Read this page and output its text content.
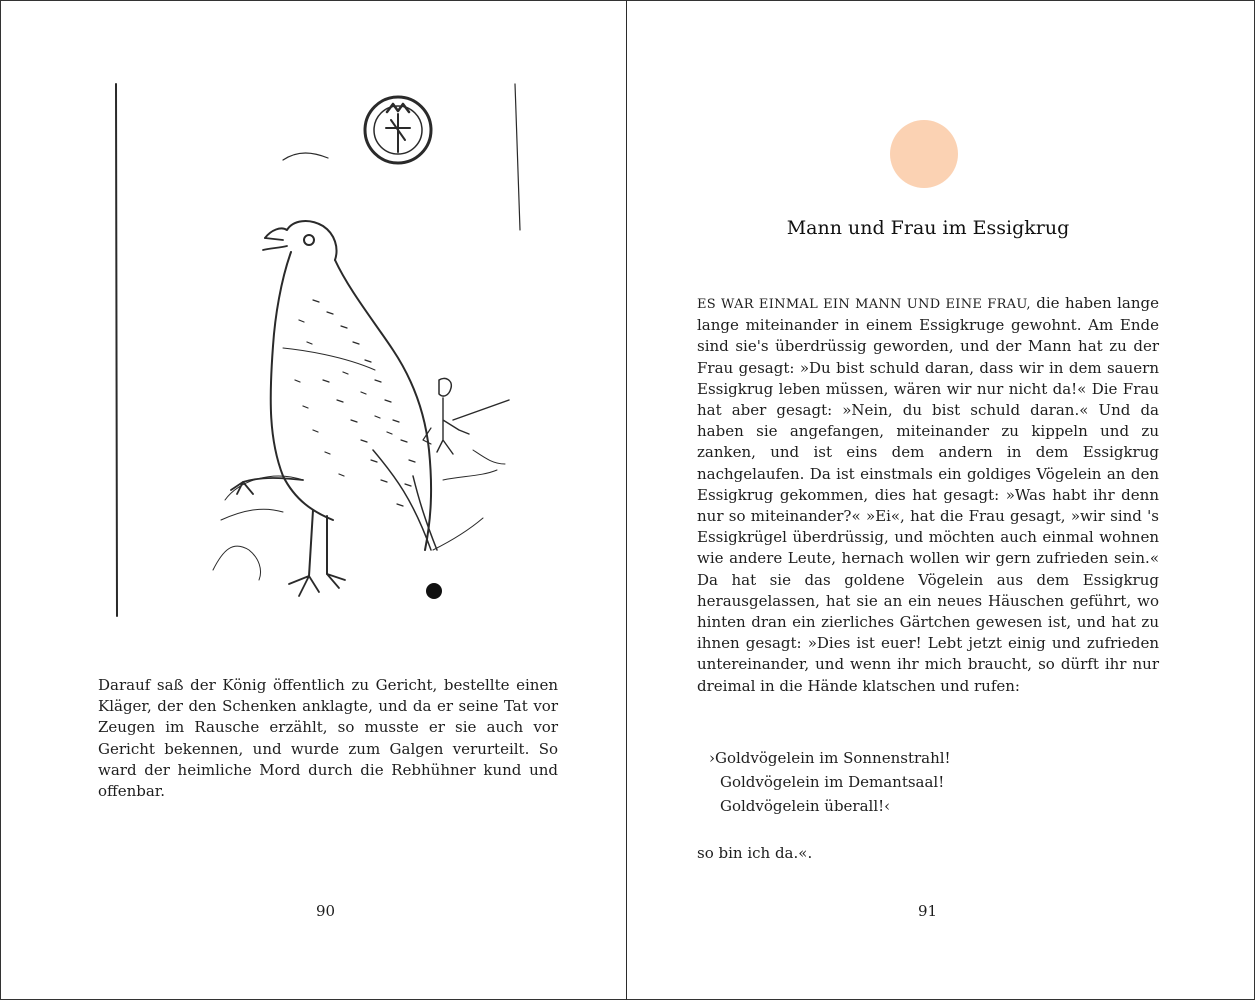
Darauf saß der König öffentlich zu Gericht, bestellte einen Kläger, der den Schenken anklagte, und da er seine Tat vor Zeugen im Rausche erzählt, so musste er sie auch vor Gericht bekennen, und wurde zum Galgen verurteilt. So ward der heimliche Mord durch die Rebhühner kund und offenbar.

90
Mann und Frau im Essigkrug

ES WAR EINMAL EIN MANN UND EINE FRAU, die haben lange lange miteinander in einem Essigkruge gewohnt. Am Ende sind sie's überdrüssig geworden, und der Mann hat zu der Frau gesagt: »Du bist schuld daran, dass wir in dem sauern Essigkrug leben müssen, wären wir nur nicht da!« Die Frau hat aber gesagt: »Nein, du bist schuld daran.« Und da haben sie angefangen, miteinander zu kippeln und zu zanken, und ist eins dem andern in dem Essigkrug nachgelaufen. Da ist einstmals ein goldiges Vögelein an den Essigkrug gekommen, dies hat gesagt: »Was habt ihr denn nur so miteinander?« »Ei«, hat die Frau gesagt, »wir sind 's Essigkrügel überdrüssig, und möchten auch einmal wohnen wie andere Leute, hernach wollen wir gern zufrieden sein.« Da hat sie das goldene Vögelein aus dem Essigkrug herausgelassen, hat sie an ein neues Häuschen geführt, wo hinten dran ein zierliches Gärtchen gewesen ist, und hat zu ihnen gesagt: »Dies ist euer! Lebt jetzt einig und zufrieden untereinander, und wenn ihr mich braucht, so dürft ihr nur dreimal in die Hände klatschen und rufen:

›Goldvögelein im Sonnenstrahl!
Goldvögelein im Demantsaal!
Goldvögelein überall!‹
so bin ich da.«.
91
